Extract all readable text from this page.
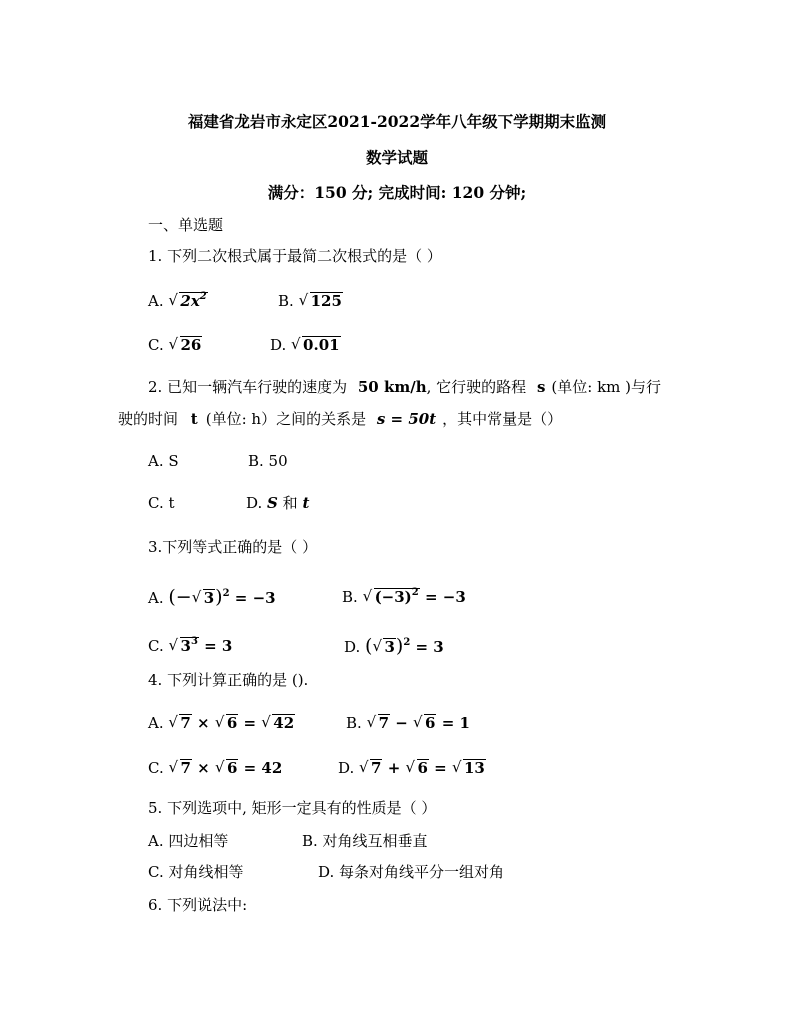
福建省龙岩市永定区2021-2022学年八年级下学期期末监测
数学试题
满分：150 分; 完成时间: 120 分钟;
一、单选题
1. 下列二次根式属于最简二次根式的是（ ）
A. √ $2x^2$	B. √ 125
C. √ 26	D. √ 0.01
2. 已知一辆汽车行驶的速度为 50 km/h, 它行驶的路程 s (单位: km )与行
驶的时间 t (单位: h）之间的关系是 s = 50t ，其中常量是（）
A. S	B. 50
C. t	D. S 和 t
3.下列等式正确的是（ ）
A. (− √ 3)$^2$ = −3	B. √ $(-3)^2 = -3$
C. √ $3^3 = 3$	D. ( √ 3)$^2$ = 3
4. 下列计算正确的是 ().
A. √ 7 × √ 6 = √ 42	B. √ 7 − √ 6 = 1
C. √ 7 × √ 6 = 42	D. √ 7 + √ 6 = √ 13
5. 下列选项中, 矩形一定具有的性质是（ ）
A. 四边相等	B. 对角线互相垂直
C. 对角线相等	D. 每条对角线平分一组对角
6. 下列说法中:
